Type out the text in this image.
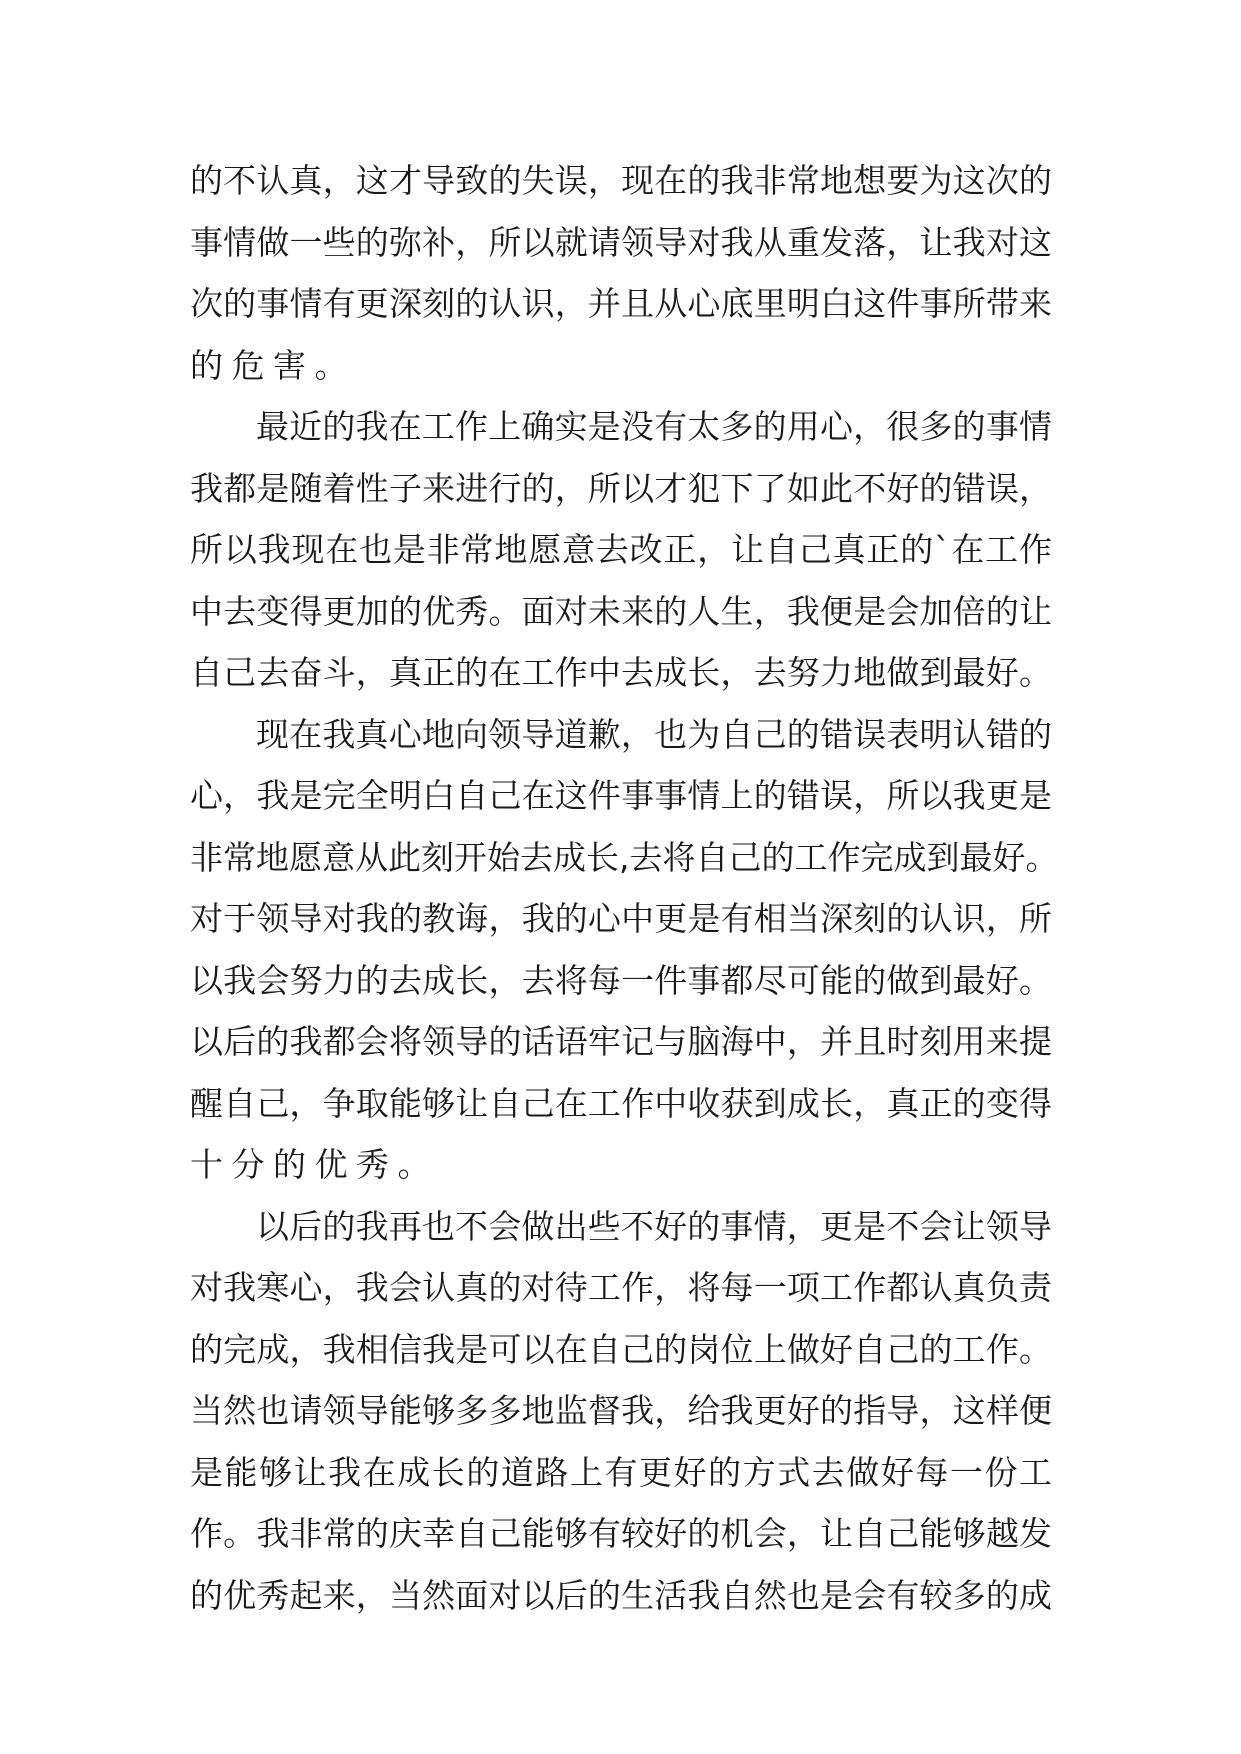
的不认真，这才导致的失误，现在的我非常地想要为这次的
事情做一些的弥补，所以就请领导对我从重发落，让我对这
次的事情有更深刻的认识，并且从心底里明白这件事所带来
的危害。
最近的我在工作上确实是没有太多的用心，很多的事情
我都是随着性子来进行的，所以才犯下了如此不好的错误，
所以我现在也是非常地愿意去改正，让自己真正的`在工作
中去变得更加的优秀。面对未来的人生，我便是会加倍的让
自己去奋斗，真正的在工作中去成长，去努力地做到最好。
现在我真心地向领导道歉，也为自己的错误表明认错的
心，我是完全明白自己在这件事事情上的错误，所以我更是
非常地愿意从此刻开始去成长,去将自己的工作完成到最好。
对于领导对我的教诲，我的心中更是有相当深刻的认识，所
以我会努力的去成长，去将每一件事都尽可能的做到最好。
以后的我都会将领导的话语牢记与脑海中，并且时刻用来提
醒自己，争取能够让自己在工作中收获到成长，真正的变得
十分的优秀。
以后的我再也不会做出些不好的事情，更是不会让领导
对我寒心，我会认真的对待工作，将每一项工作都认真负责
的完成，我相信我是可以在自己的岗位上做好自己的工作。
当然也请领导能够多多地监督我，给我更好的指导，这样便
是能够让我在成长的道路上有更好的方式去做好每一份工
作。我非常的庆幸自己能够有较好的机会，让自己能够越发
的优秀起来，当然面对以后的生活我自然也是会有较多的成
